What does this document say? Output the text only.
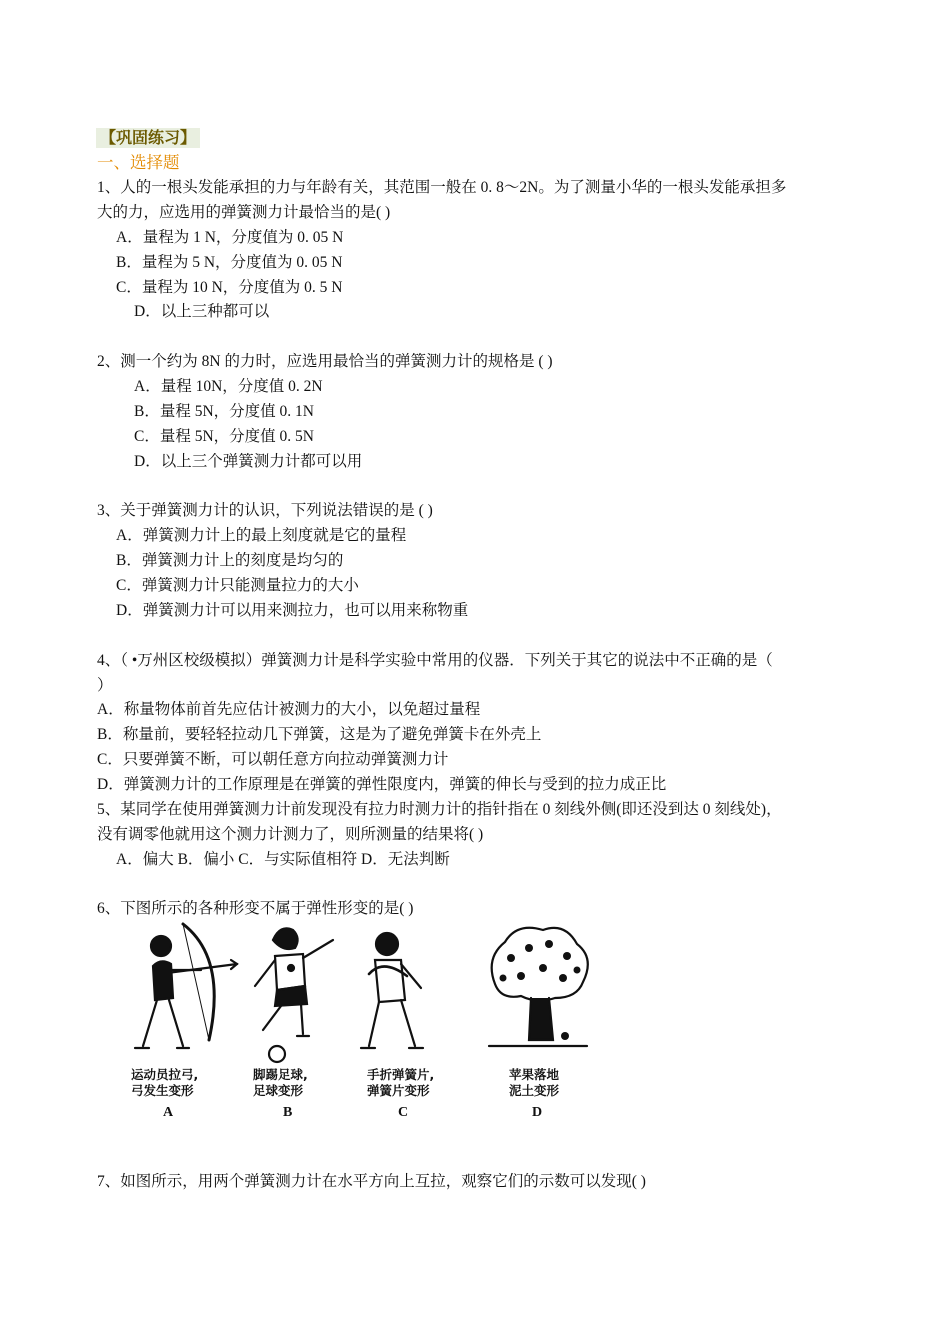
【巩固练习】
一、选择题
1、人的一根头发能承担的力与年龄有关，其范围一般在 0. 8～2N。为了测量小华的一根头发能承担多
大的力，应选用的弹簧测力计最恰当的是( )
A．量程为 1 N，分度值为 0. 05 N
B．量程为 5 N，分度值为 0. 05 N
C．量程为 10 N，分度值为 0. 5 N
D．以上三种都可以
2、测一个约为 8N 的力时，应选用最恰当的弹簧测力计的规格是 ( )
A．量程 10N，分度值 0. 2N
B．量程 5N，分度值 0. 1N
C．量程 5N，分度值 0. 5N
D．以上三个弹簧测力计都可以用
3、关于弹簧测力计的认识，下列说法错误的是 ( )
A．弹簧测力计上的最上刻度就是它的量程
B．弹簧测力计上的刻度是均匀的
C．弹簧测力计只能测量拉力的大小
D．弹簧测力计可以用来测拉力，也可以用来称物重
4、（ •万州区校级模拟）弹簧测力计是科学实验中常用的仪器．下列关于其它的说法中不正确的是（
）
A．称量物体前首先应估计被测力的大小，以免超过量程
B．称量前，要轻轻拉动几下弹簧，这是为了避免弹簧卡在外壳上
C．只要弹簧不断，可以朝任意方向拉动弹簧测力计
D．弹簧测力计的工作原理是在弹簧的弹性限度内，弹簧的伸长与受到的拉力成正比
5、某同学在使用弹簧测力计前发现没有拉力时测力计的指针指在 0 刻线外侧(即还没到达 0 刻线处)，
没有调零他就用这个测力计测力了，则所测量的结果将( )
A．偏大 B．偏小 C．与实际值相符 D．无法判断
6、下图所示的各种形变不属于弹性形变的是( )
运动员拉弓,
弓发生变形
A
脚踢足球,
足球变形
B
手折弹簧片,
弹簧片变形
C
苹果落地
泥土变形
D
7、如图所示，用两个弹簧测力计在水平方向上互拉，观察它们的示数可以发现( )
